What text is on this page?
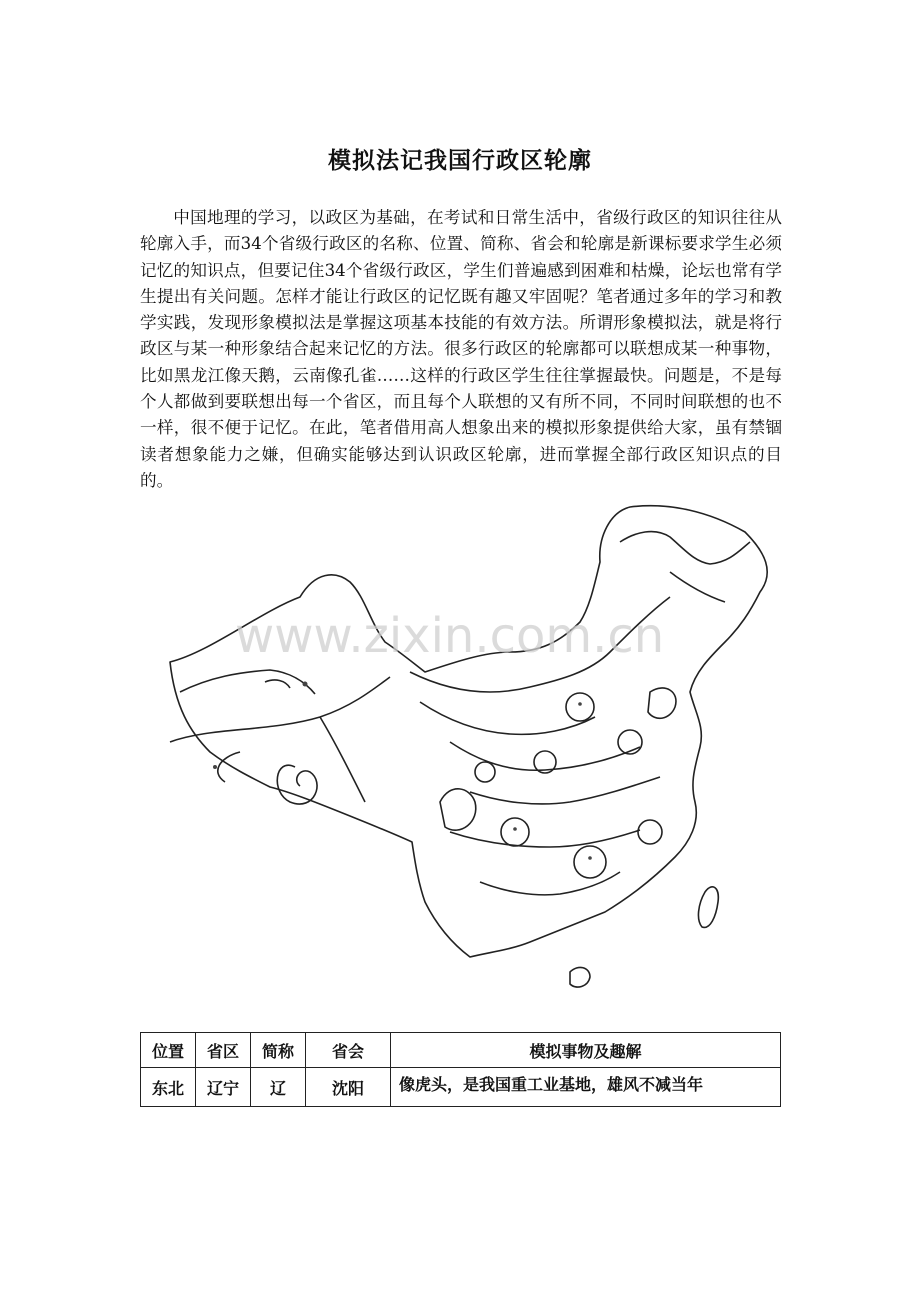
模拟法记我国行政区轮廓

中国地理的学习，以政区为基础，在考试和日常生活中，省级行政区的知识往往从轮廓入手，而34个省级行政区的名称、位置、简称、省会和轮廓是新课标要求学生必须记忆的知识点，但要记住34个省级行政区，学生们普遍感到困难和枯燥，论坛也常有学生提出有关问题。怎样才能让行政区的记忆既有趣又牢固呢？笔者通过多年的学习和教学实践，发现形象模拟法是掌握这项基本技能的有效方法。所谓形象模拟法，就是将行政区与某一种形象结合起来记忆的方法。很多行政区的轮廓都可以联想成某一种事物，比如黑龙江像天鹅，云南像孔雀……这样的行政区学生往往掌握最快。问题是，不是每个人都做到要联想出每一个省区，而且每个人联想的又有所不同，不同时间联想的也不一样，很不便于记忆。在此，笔者借用高人想象出来的模拟形象提供给大家，虽有禁锢读者想象能力之嫌，但确实能够达到认识政区轮廓，进而掌握全部行政区知识点的目的。

www.zixin.com.cn
位置	省区	简称	省会	模拟事物及趣解
东北	辽宁	辽	沈阳	像虎头，是我国重工业基地，雄风不减当年
